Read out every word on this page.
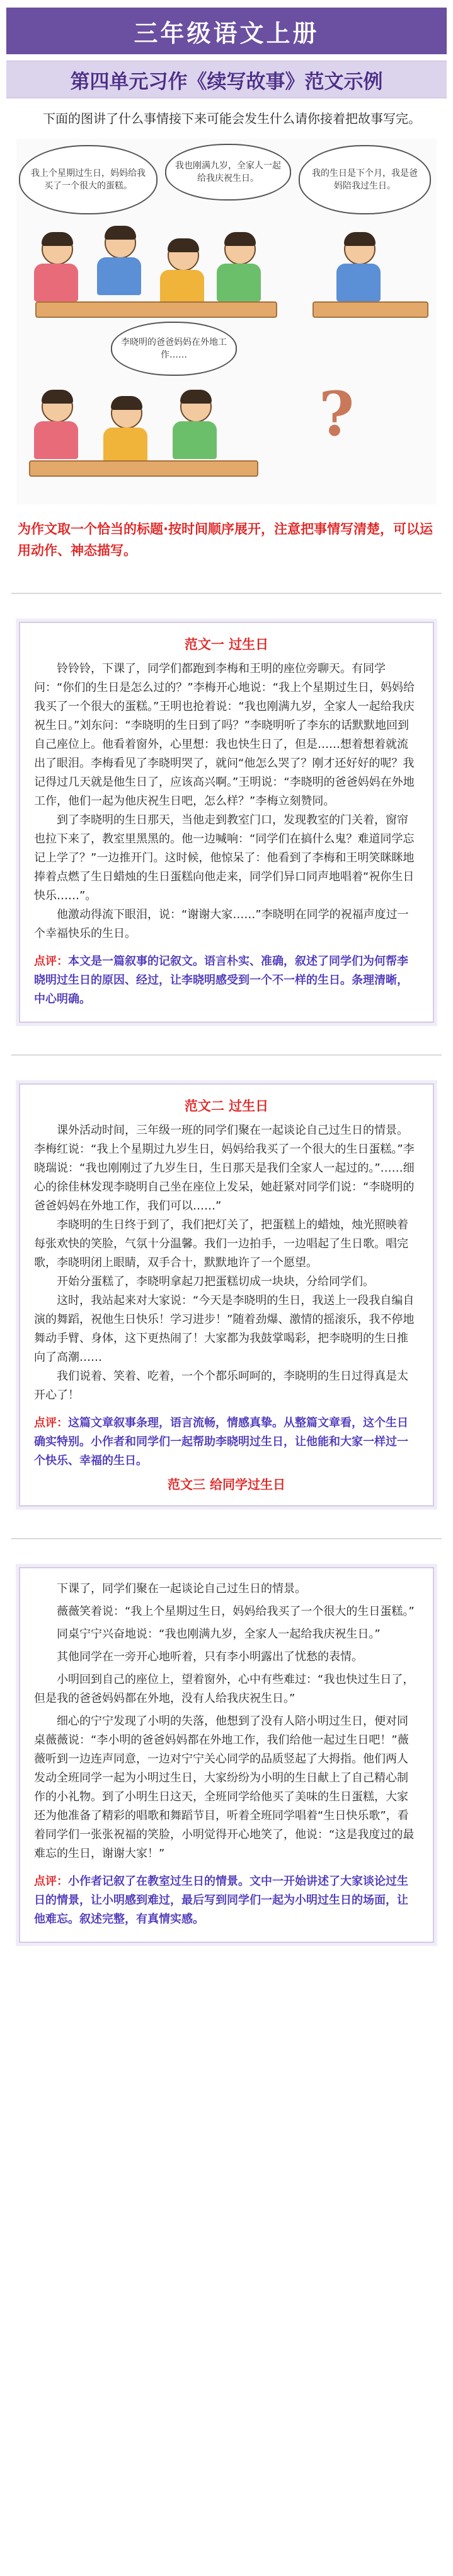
三年级语文上册
第四单元习作《续写故事》范文示例

下面的图讲了什么事情接下来可能会发生什么请你接着把故事写完。

我上个星期过生日，妈妈给我买了一个很大的蛋糕。
我也刚满九岁，全家人一起给我庆祝生日。	我的生日是下个月，我是爸妈陪我过生日。
李晓明的爸爸妈妈在外地工作……
?

为作文取一个恰当的标题·按时间顺序展开，注意把事情写清楚，可以运用动作、神态描写。

范文一 过生日

铃铃铃，下课了，同学们都跑到李梅和王明的座位旁聊天。有同学问：“你们的生日是怎么过的？”李梅开心地说：“我上个星期过生日，妈妈给我买了一个很大的蛋糕。”王明也抢着说：“我也刚满九岁，全家人一起给我庆祝生日。”刘东问：“李晓明的生日到了吗？”李晓明听了李东的话默默地回到自己座位上。他看着窗外，心里想：我也快生日了，但是……想着想着就流出了眼泪。李梅看见了李晓明哭了，就问“他怎么哭了？刚才还好好的呢？我记得过几天就是他生日了，应该高兴啊。”王明说：“李晓明的爸爸妈妈在外地工作，他们一起为他庆祝生日吧，怎么样？”李梅立刻赞同。

到了李晓明的生日那天，当他走到教室门口，发现教室的门关着，窗帘也拉下来了，教室里黑黑的。他一边喊响：“同学们在搞什么鬼？难道同学忘记上学了？”一边推开门。这时候，他惊呆了：他看到了李梅和王明笑眯眯地捧着点燃了生日蜡烛的生日蛋糕向他走来，同学们异口同声地唱着“祝你生日快乐……”。

他激动得流下眼泪，说：“谢谢大家……”李晓明在同学的祝福声度过一个幸福快乐的生日。

点评：本文是一篇叙事的记叙文。语言朴实、准确，叙述了同学们为何帮李晓明过生日的原因、经过，让李晓明感受到一个不一样的生日。条理清晰，中心明确。

范文二 过生日

课外活动时间，三年级一班的同学们聚在一起谈论自己过生日的情景。李梅红说：“我上个星期过九岁生日，妈妈给我买了一个很大的生日蛋糕。”李晓瑞说：“我也刚刚过了九岁生日，生日那天是我们全家人一起过的。”……细心的徐佳林发现李晓明自己坐在座位上发呆，她赶紧对同学们说：“李晓明的爸爸妈妈在外地工作，我们可以……”

李晓明的生日终于到了，我们把灯关了，把蛋糕上的蜡烛，烛光照映着每张欢快的笑脸，气氛十分温馨。我们一边拍手，一边唱起了生日歌。唱完歌，李晓明闭上眼睛，双手合十，默默地许了一个愿望。

开始分蛋糕了，李晓明拿起刀把蛋糕切成一块块，分给同学们。

这时，我站起来对大家说：“今天是李晓明的生日，我送上一段我自编自演的舞蹈，祝他生日快乐！学习进步！”随着劲爆、激情的摇滚乐，我不停地舞动手臂、身体，这下更热闹了！大家都为我鼓掌喝彩，把李晓明的生日推向了高潮……

我们说着、笑着、吃着，一个个都乐呵呵的，李晓明的生日过得真是太开心了！

点评：这篇文章叙事条理，语言流畅，情感真挚。从整篇文章看，这个生日确实特别。小作者和同学们一起帮助李晓明过生日，让他能和大家一样过一个快乐、幸福的生日。

范文三 给同学过生日

下课了，同学们聚在一起谈论自己过生日的情景。

薇薇笑着说：“我上个星期过生日，妈妈给我买了一个很大的生日蛋糕。”

同桌宁宁兴奋地说：“我也刚满九岁，全家人一起给我庆祝生日。”

其他同学在一旁开心地听着，只有李小明露出了忧愁的表情。

小明回到自己的座位上，望着窗外，心中有些难过：“我也快过生日了，但是我的爸爸妈妈都在外地，没有人给我庆祝生日。”

细心的宁宁发现了小明的失落，他想到了没有人陪小明过生日，便对同桌薇薇说：“李小明的爸爸妈妈都在外地工作，我们给他一起过生日吧！”薇薇听到一边连声同意，一边对宁宁关心同学的品质竖起了大拇指。他们两人发动全班同学一起为小明过生日，大家纷纷为小明的生日献上了自己精心制作的小礼物。到了小明生日这天，全班同学给他买了美味的生日蛋糕，大家还为他准备了精彩的唱歌和舞蹈节目，听着全班同学唱着“生日快乐歌”，看着同学们一张张祝福的笑脸，小明觉得开心地笑了，他说：“这是我度过的最难忘的生日，谢谢大家！”

点评：小作者记叙了在教室过生日的情景。文中一开始讲述了大家谈论过生日的情景，让小明感到难过，最后写到同学们一起为小明过生日的场面，让他难忘。叙述完整，有真情实感。
